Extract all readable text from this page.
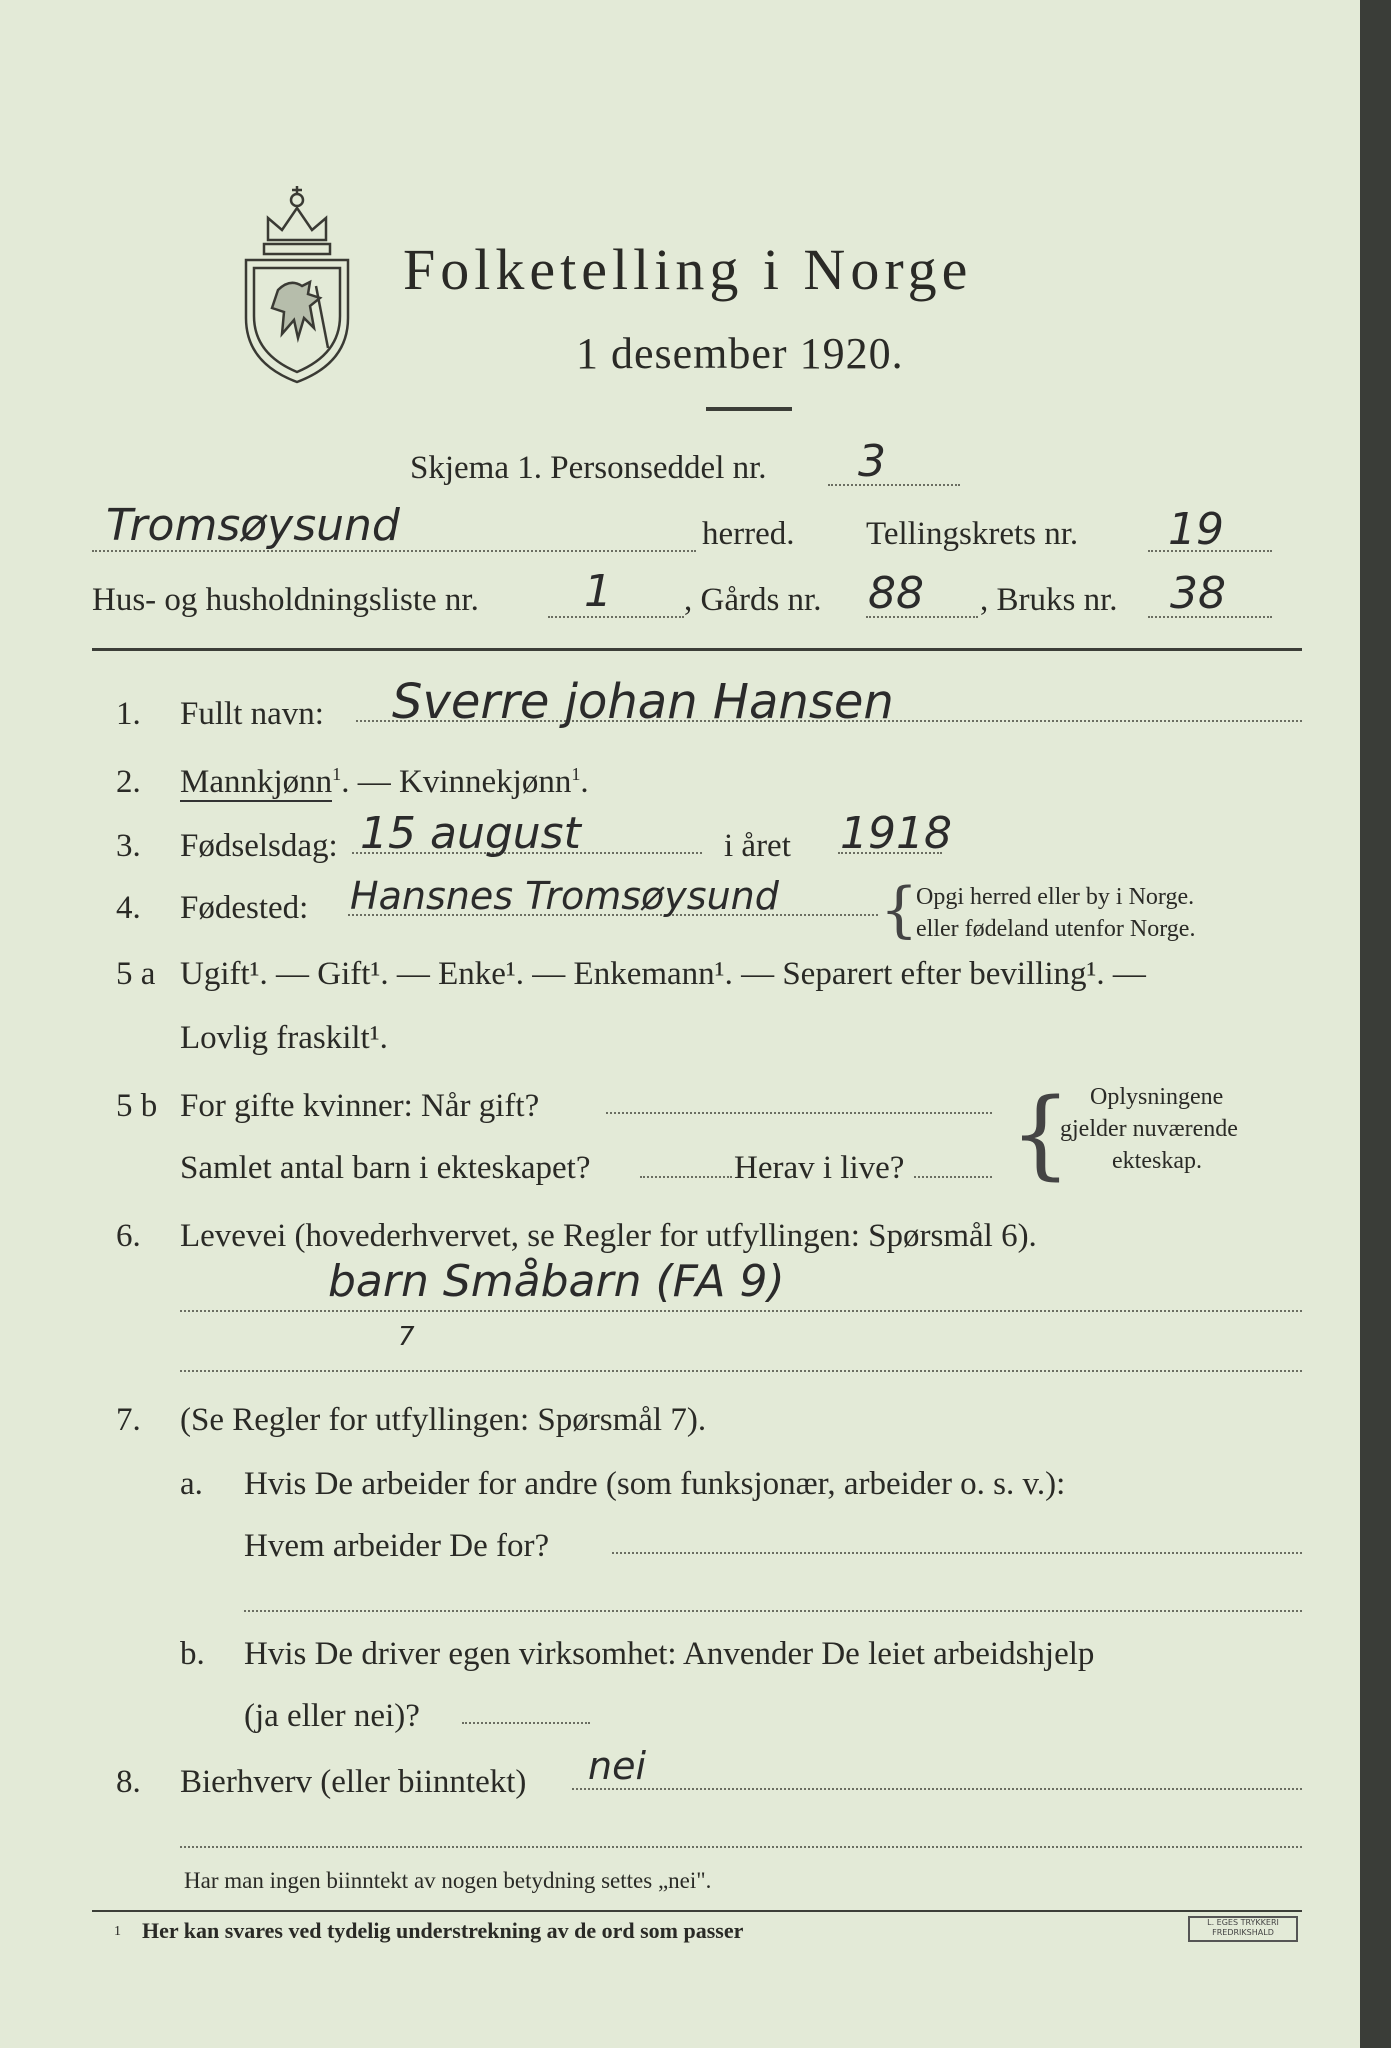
Folketelling i Norge
1 desember 1920.
Skjema 1. Personseddel nr. 3
Tromsøysund	herred. Tellingskrets nr. 19
Hus- og husholdningsliste nr. 1 , Gårds nr. 88 , Bruks nr. 38
1. Fullt navn: Sverre johan Hansen
2. Mannkjønn$^1$. — Kvinnekjønn$^1$.
3. Fødselsdag: 15 august	i året 1918
4. Fødested: Hansnes Tromsøysund {
Opgi herred eller by i Norge.
eller fødeland utenfor Norge.
5 a Ugift¹. — Gift¹. — Enke¹. — Enkemann¹. — Separert efter bevilling¹. —
Lovlig fraskilt¹.
5 b For gifte kvinner: Når gift?
Samlet antal barn i ekteskapet?	Herav i live? { Oplysningene
gjelder nuværende
ekteskap.
6. Levevei (hovederhvervet, se Regler for utfyllingen: Spørsmål 6).
barn Småbarn (FA 9)
7
7. (Se Regler for utfyllingen: Spørsmål 7).
a. Hvis De arbeider for andre (som funksjonær, arbeider o. s. v.):
Hvem arbeider De for?
b. Hvis De driver egen virksomhet: Anvender De leiet arbeidshjelp
(ja eller nei)?
8. Bierhverv (eller biinntekt) nei
Har man ingen biinntekt av nogen betydning settes „nei".
1 Her kan svares ved tydelig understrekning av de ord som passer	L. EGES TRYKKERI FREDRIKSHALD
